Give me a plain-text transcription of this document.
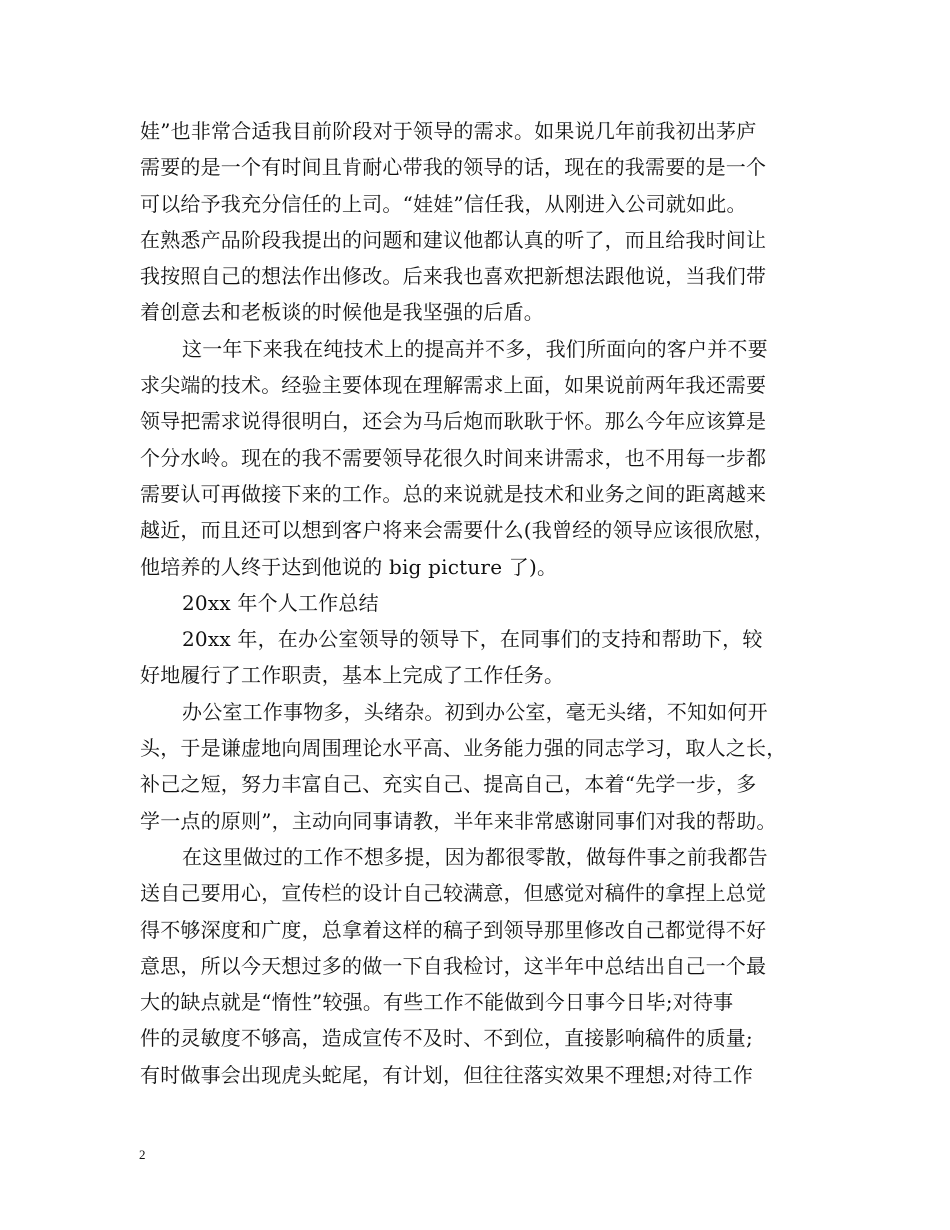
娃”也非常合适我目前阶段对于领导的需求。如果说几年前我初出茅庐
需要的是一个有时间且肯耐心带我的领导的话，现在的我需要的是一个
可以给予我充分信任的上司。“娃娃”信任我，从刚进入公司就如此。
在熟悉产品阶段我提出的问题和建议他都认真的听了，而且给我时间让
我按照自己的想法作出修改。后来我也喜欢把新想法跟他说，当我们带
着创意去和老板谈的时候他是我坚强的后盾。
这一年下来我在纯技术上的提高并不多，我们所面向的客户并不要
求尖端的技术。经验主要体现在理解需求上面，如果说前两年我还需要
领导把需求说得很明白，还会为马后炮而耿耿于怀。那么今年应该算是
个分水岭。现在的我不需要领导花很久时间来讲需求，也不用每一步都
需要认可再做接下来的工作。总的来说就是技术和业务之间的距离越来
越近，而且还可以想到客户将来会需要什么(我曾经的领导应该很欣慰，
他培养的人终于达到他说的 big picture 了)。
20xx 年个人工作总结
20xx 年，在办公室领导的领导下，在同事们的支持和帮助下，较
好地履行了工作职责，基本上完成了工作任务。
办公室工作事物多，头绪杂。初到办公室，毫无头绪，不知如何开
头，于是谦虚地向周围理论水平高、业务能力强的同志学习，取人之长，
补己之短，努力丰富自己、充实自己、提高自己，本着“先学一步，多
学一点的原则”，主动向同事请教，半年来非常感谢同事们对我的帮助。
在这里做过的工作不想多提，因为都很零散，做每件事之前我都告
送自己要用心，宣传栏的设计自己较满意，但感觉对稿件的拿捏上总觉
得不够深度和广度，总拿着这样的稿子到领导那里修改自己都觉得不好
意思，所以今天想过多的做一下自我检讨，这半年中总结出自己一个最
大的缺点就是“惰性”较强。有些工作不能做到今日事今日毕;对待事
件的灵敏度不够高，造成宣传不及时、不到位，直接影响稿件的质量;
有时做事会出现虎头蛇尾，有计划，但往往落实效果不理想;对待工作
2
